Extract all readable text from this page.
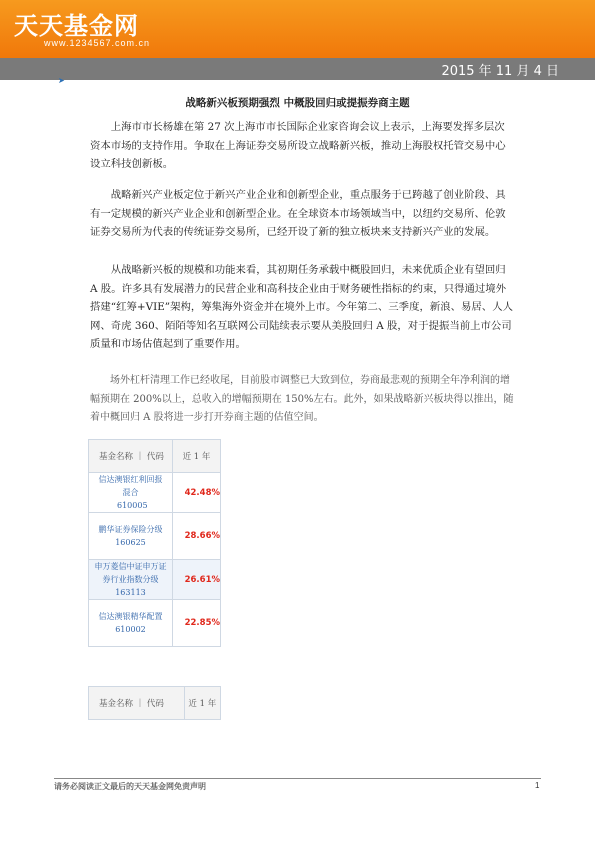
天天基金网
www.1234567.com.cn
2015 年 11 月 4 日
➤
战略新兴板预期强烈 中概股回归或提振券商主题

上海市市长杨雄在第 27 次上海市市长国际企业家咨询会议上表示，上海要发挥多层次资本市场的支持作用。争取在上海证券交易所设立战略新兴板，推动上海股权托管交易中心设立科技创新板。

战略新兴产业板定位于新兴产业企业和创新型企业，重点服务于已跨越了创业阶段、具有一定规模的新兴产业企业和创新型企业。在全球资本市场领域当中，以纽约交易所、伦敦证券交易所为代表的传统证券交易所，已经开设了新的独立板块来支持新兴产业的发展。

从战略新兴板的规模和功能来看，其初期任务承载中概股回归，未来优质企业有望回归 A 股。许多具有发展潜力的民营企业和高科技企业由于财务硬性指标的约束，只得通过境外搭建“红筹+VIE”架构，筹集海外资金并在境外上市。今年第二、三季度，新浪、易居、人人网、奇虎 360、陌陌等知名互联网公司陆续表示要从美股回归 A 股，对于提振当前上市公司质量和市场估值起到了重要作用。

场外杠杆清理工作已经收尾，目前股市调整已大致到位，券商最悲观的预期全年净利润的增幅预期在 200%以上，总收入的增幅预期在 150%左右。此外，如果战略新兴板块得以推出，随着中概回归 A 股将进一步打开券商主题的估值空间。

基金名称 ｜ 代码	近 1 年

信达澳银红利回报混合
610005	42.48%

鹏华证券保险分级
160625	28.66%

申万菱信中证申万证券行业指数分级
163113	26.61%

信达澳银精华配置
610002	22.85%
基金名称 ｜ 代码	近 1 年
请务必阅读正文最后的天天基金网免责声明	1
